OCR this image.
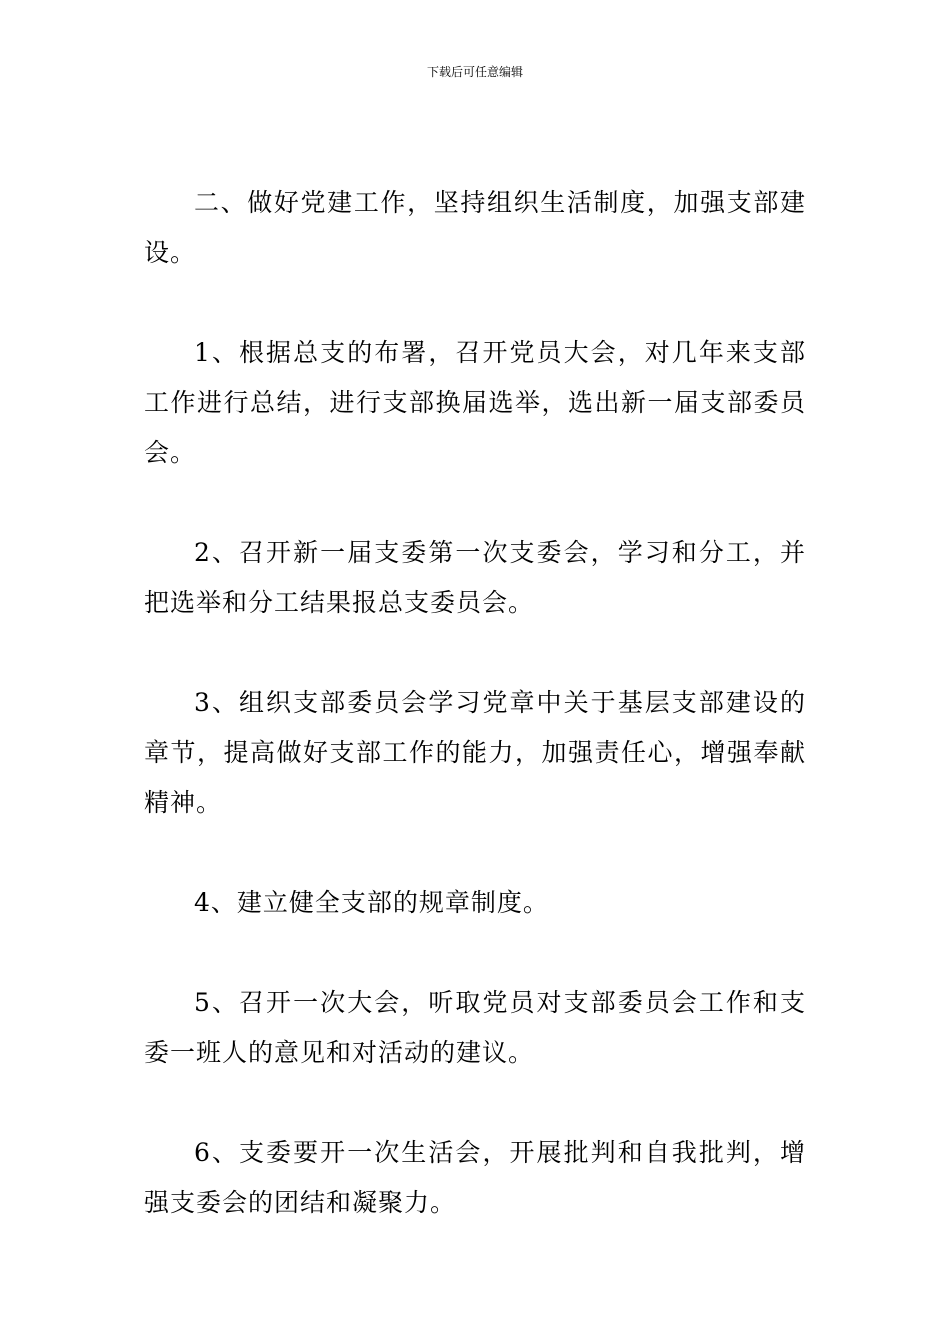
下载后可任意编辑

二、做好党建工作，坚持组织生活制度，加强支部建设。

1、根据总支的布署，召开党员大会，对几年来支部工作进行总结，进行支部换届选举，选出新一届支部委员会。

2、召开新一届支委第一次支委会，学习和分工，并把选举和分工结果报总支委员会。

3、组织支部委员会学习党章中关于基层支部建设的章节，提高做好支部工作的能力，加强责任心，增强奉献精神。

4、建立健全支部的规章制度。

5、召开一次大会，听取党员对支部委员会工作和支委一班人的意见和对活动的建议。

6、支委要开一次生活会，开展批判和自我批判，增强支委会的团结和凝聚力。
